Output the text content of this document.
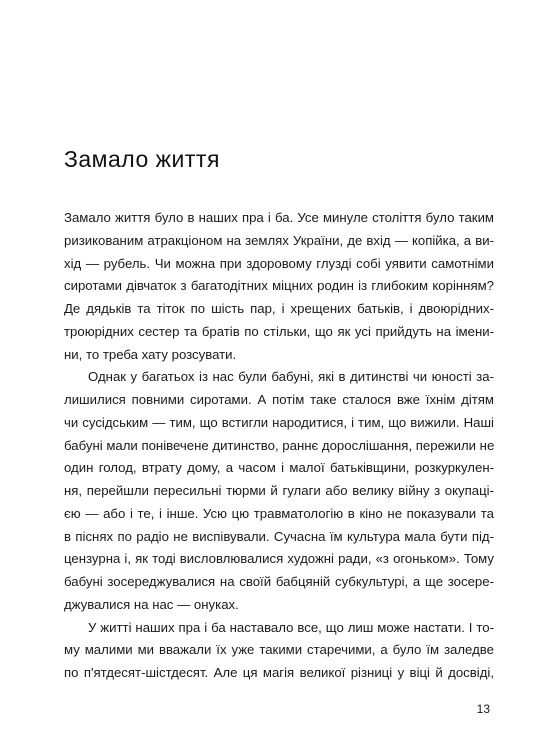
Замало життя
Замало життя було в наших пра і ба. Усе минуле століття було таким
ризикованим атракціоном на землях України, де вхід — копійка, а ви-
хід — рубель. Чи можна при здоровому глузді собі уявити самотніми
сиротами дівчаток з багатодітних міцних родин із глибоким корінням?
Де дядьків та тіток по шість пар, і хрещених батьків, і двоюрідних-
троюрідних сестер та братів по стільки, що як усі прийдуть на імени-
ни, то треба хату розсувати.
Однак у багатьох із нас були бабуні, які в дитинстві чи юності за-
лишилися повними сиротами. А потім таке сталося вже їхнім дітям
чи сусідським — тим, що встигли народитися, і тим, що вижили. Наші
бабуні мали понівечене дитинство, раннє дорослішання, пережили не
один голод, втрату дому, а часом і малої батьківщини, розкуркулен-
ня, перейшли пересильні тюрми й гулаги або велику війну з окупаці-
єю — або і те, і інше. Усю цю травматологію в кіно не показували та
в піснях по радіо не виспівували. Сучасна їм культура мала бути під-
цензурна і, як тоді висловлювалися художні ради, «з огоньком». Тому
бабуні зосереджувалися на своїй бабцяній субкультурі, а ще зосере-
джувалися на нас — онуках.
У житті наших пра і ба наставало все, що лиш може настати. І то-
му малими ми вважали їх уже такими старечими, а було їм заледве
по п'ятдесят-шістдесят. Але ця магія великої різниці у віці й досвіді,
13
